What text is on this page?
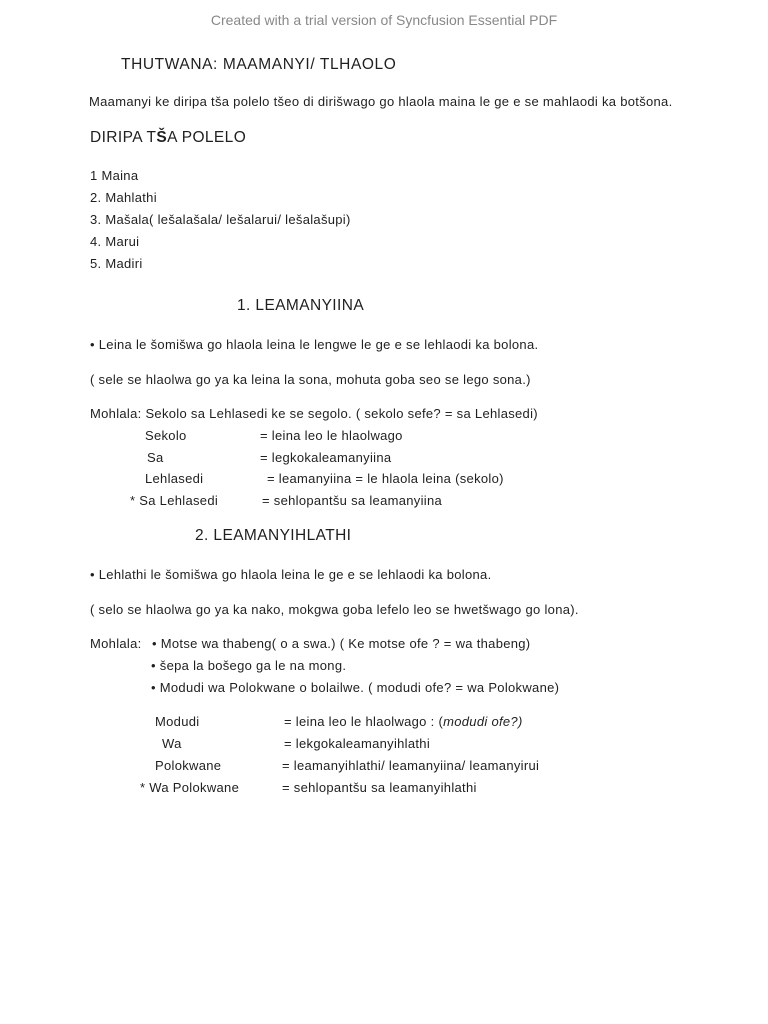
Created with a trial version of Syncfusion Essential PDF
THUTWANA: MAAMANYI/ TLHAOLO
Maamanyi ke diripa tša polelo tšeo di dirišwago go hlaola maina le ge e se mahlaodi ka botšona.
DIRIPA TŠA POLELO
1 Maina
2. Mahlathi
3. Mašala( lešalašala/ lešalarui/ lešalašupi)
4. Marui
5. Madiri
1. LEAMANYIINA
• Leina le šomišwa go hlaola leina le lengwe le ge e se lehlaodi ka bolona.
( sele se hlaolwa go ya ka leina la sona, mohuta goba seo se lego sona.)
Mohlala: Sekolo sa Lehlasedi ke se segolo. ( sekolo sefe? = sa Lehlasedi)
Sekolo	= leina leo le hlaolwago
Sa	= legkokaleamanyiina
Lehlasedi	= leamanyiina = le hlaola leina (sekolo)
* Sa Lehlasedi	= sehlopantšu sa leamanyiina
2. LEAMANYIHLATHI
• Lehlathi le šomišwa go hlaola leina le ge e se lehlaodi ka bolona.
( selo se hlaolwa go ya ka nako, mokgwa goba lefelo leo se hwetšwago go lona).
Mohlala: • Motse wa thabeng( o a swa.) ( Ke motse ofe ? = wa thabeng)
• šepa la bošego ga le na mong.
• Modudi wa Polokwane o bolailwe. ( modudi ofe? = wa Polokwane)
Modudi	= leina leo le hlaolwago : (modudi ofe?)
Wa	= lekgokaleamanyihlathi
Polokwane	= leamanyihlathi/ leamanyiina/ leamanyirui
* Wa Polokwane	= sehlopantšu sa leamanyihlathi
